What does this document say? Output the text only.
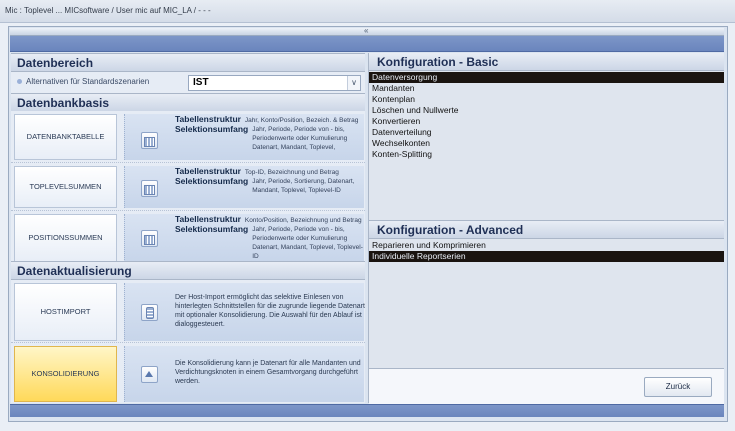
Mic : Toplevel ... MICsoftware / User mic auf MIC_LA / - - -
«
Datenbereich
Alternativen für Standardszenarien	IST	∨
Datenbankbasis
DATENBANKTABELLE
Tabellenstruktur Jahr, Konto/Position, Bezeich. & Betrag
Selektionsumfang Jahr, Periode, Periode von - bis, Periodenwerte oder Kumulierung Datenart, Mandant, Toplevel,
TOPLEVELSUMMEN
Tabellenstruktur Top-ID, Bezeichnung und Betrag
Selektionsumfang Jahr, Periode, Sortierung, Datenart, Mandant, Toplevel, Toplevel-ID
POSITIONSSUMMEN
Tabellenstruktur Konto/Position, Bezeichnung und Betrag
Selektionsumfang Jahr, Periode, Periode von - bis, Periodenwerte oder Kumulierung Datenart, Mandant, Toplevel, Toplevel-ID
Datenaktualisierung
HOSTIMPORT
Der Host-Import ermöglicht das selektive Einlesen von hinterlegten Schnittstellen für die zugrunde liegende Datenart mit optionaler Konsolidierung. Die Auswahl für den Ablauf ist dialoggesteuert.
KONSOLIDIERUNG
Die Konsolidierung kann je Datenart für alle Mandanten und Verdichtungsknoten in einem Gesamtvorgang durchgeführt werden.
Konfiguration - Basic
Datenversorgung
Mandanten
Kontenplan
Löschen und Nullwerte
Konvertieren
Datenverteilung
Wechselkonten
Konten-Splitting
Konfiguration - Advanced
Reparieren und Komprimieren
Individuelle Reportserien
Zurück
